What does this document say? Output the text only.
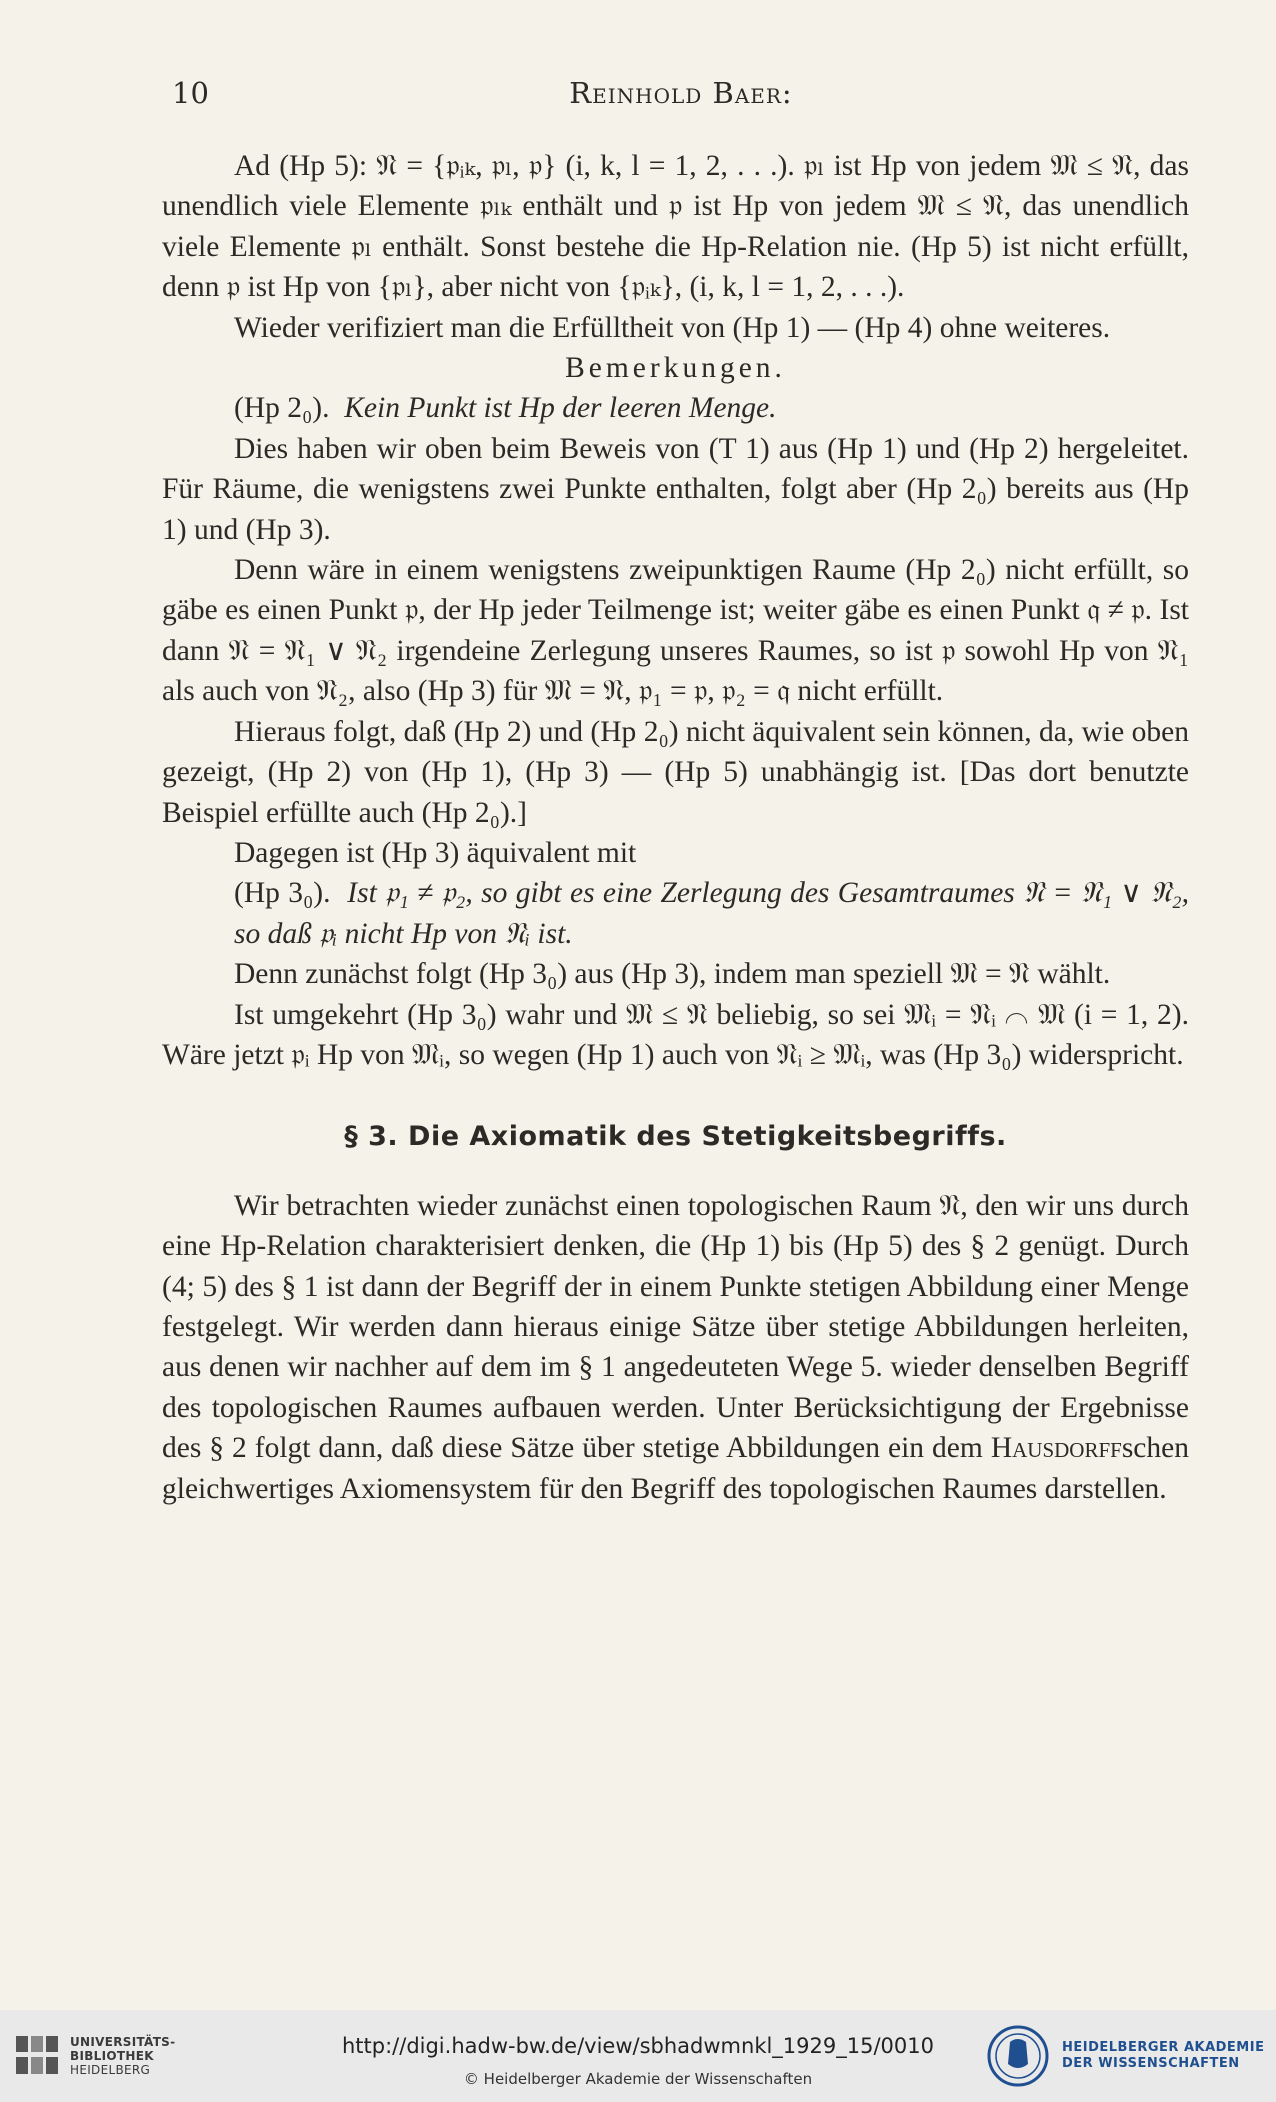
10	Reinhold Baer:

Ad (Hp 5): 𝔑 = {𝔭ᵢₖ, 𝔭ₗ, 𝔭} (i, k, l = 1, 2, . . .). 𝔭ₗ ist Hp von jedem 𝔐 ≤ 𝔑, das unendlich viele Elemente 𝔭ₗₖ enthält und 𝔭 ist Hp von jedem 𝔐 ≤ 𝔑, das unendlich viele Elemente 𝔭ₗ enthält. Sonst bestehe die Hp-Relation nie. (Hp 5) ist nicht erfüllt, denn 𝔭 ist Hp von {𝔭ₗ}, aber nicht von {𝔭ᵢₖ}, (i, k, l = 1, 2, . . .).

Wieder verifiziert man die Erfülltheit von (Hp 1) — (Hp 4) ohne weiteres.

Bemerkungen.

(Hp 2₀). Kein Punkt ist Hp der leeren Menge.

Dies haben wir oben beim Beweis von (T 1) aus (Hp 1) und (Hp 2) hergeleitet. Für Räume, die wenigstens zwei Punkte enthalten, folgt aber (Hp 2₀) bereits aus (Hp 1) und (Hp 3).

Denn wäre in einem wenigstens zweipunktigen Raume (Hp 2₀) nicht erfüllt, so gäbe es einen Punkt 𝔭, der Hp jeder Teilmenge ist; weiter gäbe es einen Punkt 𝔮 ≠ 𝔭. Ist dann 𝔑 = 𝔑₁ ∨ 𝔑₂ irgendeine Zerlegung unseres Raumes, so ist 𝔭 sowohl Hp von 𝔑₁ als auch von 𝔑₂, also (Hp 3) für 𝔐 = 𝔑, 𝔭₁ = 𝔭, 𝔭₂ = 𝔮 nicht erfüllt.

Hieraus folgt, daß (Hp 2) und (Hp 2₀) nicht äquivalent sein können, da, wie oben gezeigt, (Hp 2) von (Hp 1), (Hp 3) — (Hp 5) unabhängig ist. [Das dort benutzte Beispiel erfüllte auch (Hp 2₀).]

Dagegen ist (Hp 3) äquivalent mit

(Hp 3₀). Ist 𝔭₁ ≠ 𝔭₂, so gibt es eine Zerlegung des Gesamtraumes 𝔑 = 𝔑₁ ∨ 𝔑₂, so daß 𝔭ᵢ nicht Hp von 𝔑ᵢ ist.

Denn zunächst folgt (Hp 3₀) aus (Hp 3), indem man speziell 𝔐 = 𝔑 wählt.

Ist umgekehrt (Hp 3₀) wahr und 𝔐 ≤ 𝔑 beliebig, so sei 𝔐ᵢ = 𝔑ᵢ ⌒ 𝔐 (i = 1, 2). Wäre jetzt 𝔭ᵢ Hp von 𝔐ᵢ, so wegen (Hp 1) auch von 𝔑ᵢ ≥ 𝔐ᵢ, was (Hp 3₀) widerspricht.

§ 3. Die Axiomatik des Stetigkeitsbegriffs.

Wir betrachten wieder zunächst einen topologischen Raum 𝔑, den wir uns durch eine Hp-Relation charakterisiert denken, die (Hp 1) bis (Hp 5) des § 2 genügt. Durch (4; 5) des § 1 ist dann der Begriff der in einem Punkte stetigen Abbildung einer Menge festgelegt. Wir werden dann hieraus einige Sätze über stetige Abbildungen herleiten, aus denen wir nachher auf dem im § 1 angedeuteten Wege 5. wieder denselben Begriff des topologischen Raumes aufbauen werden. Unter Berücksichtigung der Ergebnisse des § 2 folgt dann, daß diese Sätze über stetige Abbildungen ein dem Hausdorffschen gleichwertiges Axiomensystem für den Begriff des topologischen Raumes darstellen.

UNIVERSITÄTS-
BIBLIOTHEK
HEIDELBERG
http://digi.hadw-bw.de/view/sbhadwmnkl_1929_15/0010
© Heidelberger Akademie der Wissenschaften
HEIDELBERGER AKADEMIE
DER WISSENSCHAFTEN
